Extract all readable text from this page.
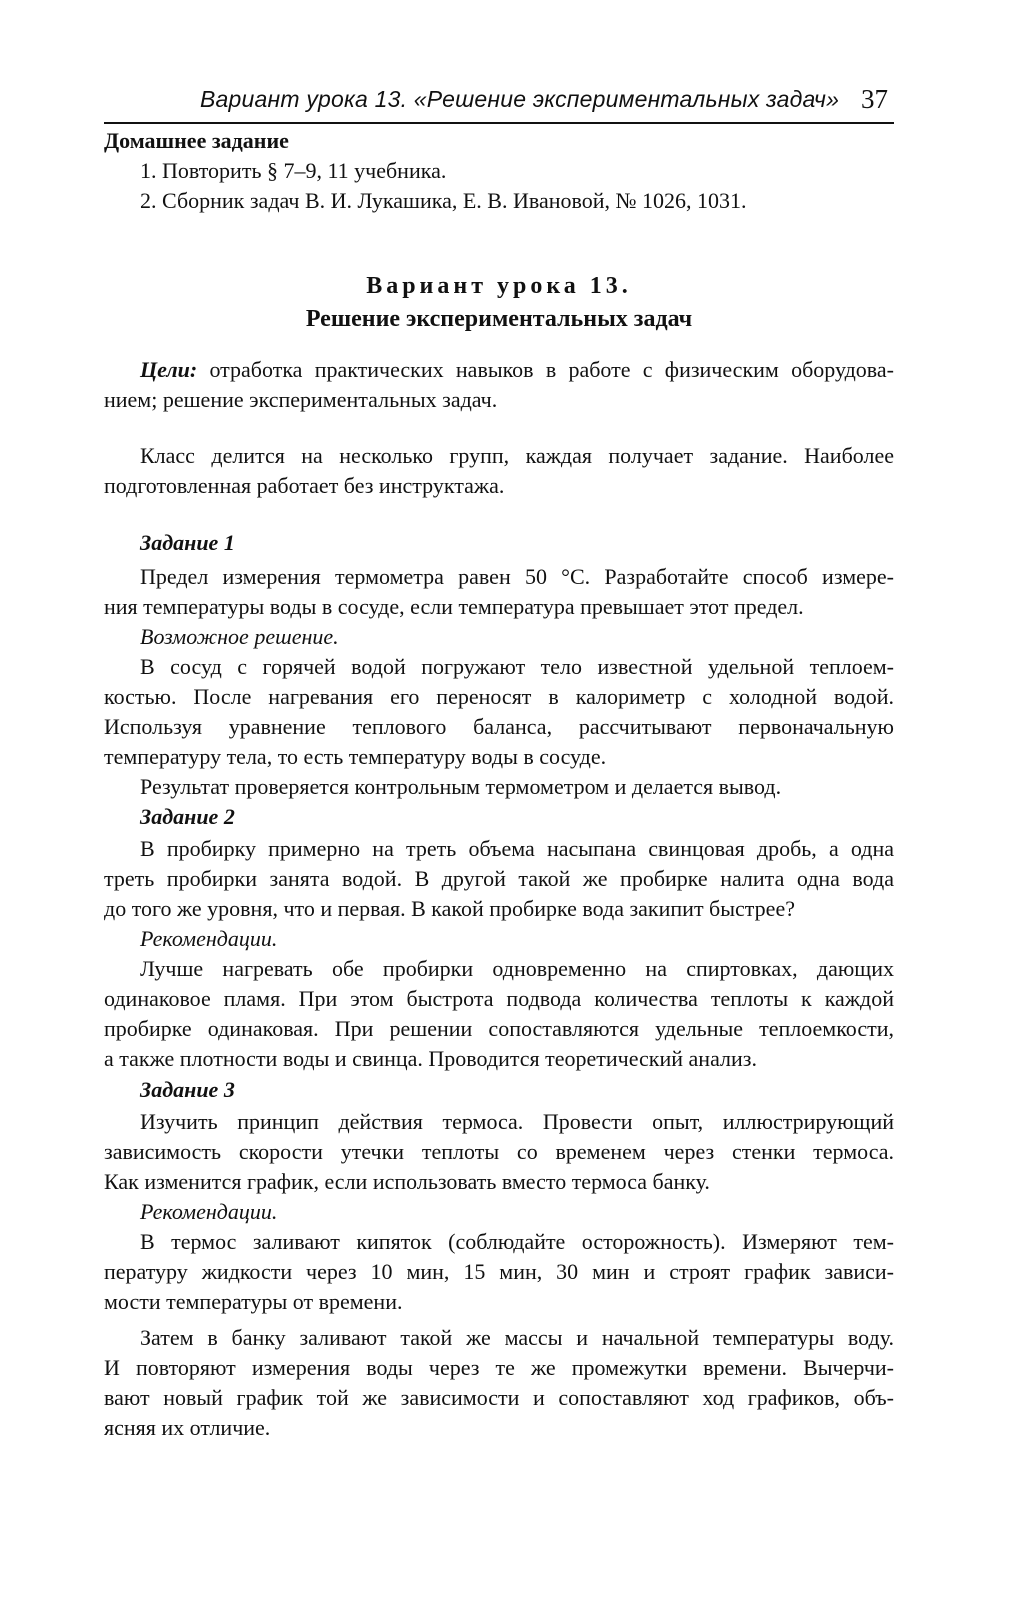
Вариант урока 13. «Решение экспериментальных задач» 37
Домашнее задание
1. Повторить § 7–9, 11 учебника.
2. Сборник задач В. И. Лукашика, Е. В. Ивановой, № 1026, 1031.
Вариант урока 13.
Решение экспериментальных задач
Цели: отработка практических навыков в работе с физическим оборудова-
нием; решение экспериментальных задач.
Класс делится на несколько групп, каждая получает задание. Наиболее
подготовленная работает без инструктажа.
Задание 1
Предел измерения термометра равен 50 °С. Разработайте способ измере-
ния температуры воды в сосуде, если температура превышает этот предел.
Возможное решение.
В сосуд с горячей водой погружают тело известной удельной теплоем-
костью. После нагревания его переносят в калориметр с холодной водой.
Используя уравнение теплового баланса, рассчитывают первоначальную
температуру тела, то есть температуру воды в сосуде.
Результат проверяется контрольным термометром и делается вывод.
Задание 2
В пробирку примерно на треть объема насыпана свинцовая дробь, а одна
треть пробирки занята водой. В другой такой же пробирке налита одна вода
до того же уровня, что и первая. В какой пробирке вода закипит быстрее?
Рекомендации.
Лучше нагревать обе пробирки одновременно на спиртовках, дающих
одинаковое пламя. При этом быстрота подвода количества теплоты к каждой
пробирке одинаковая. При решении сопоставляются удельные теплоемкости,
а также плотности воды и свинца. Проводится теоретический анализ.
Задание 3
Изучить принцип действия термоса. Провести опыт, иллюстрирующий
зависимость скорости утечки теплоты со временем через стенки термоса.
Как изменится график, если использовать вместо термоса банку.
Рекомендации.
В термос заливают кипяток (соблюдайте осторожность). Измеряют тем-
пературу жидкости через 10 мин, 15 мин, 30 мин и строят график зависи-
мости температуры от времени.
Затем в банку заливают такой же массы и начальной температуры воду.
И повторяют измерения воды через те же промежутки времени. Вычерчи-
вают новый график той же зависимости и сопоставляют ход графиков, объ-
ясняя их отличие.
